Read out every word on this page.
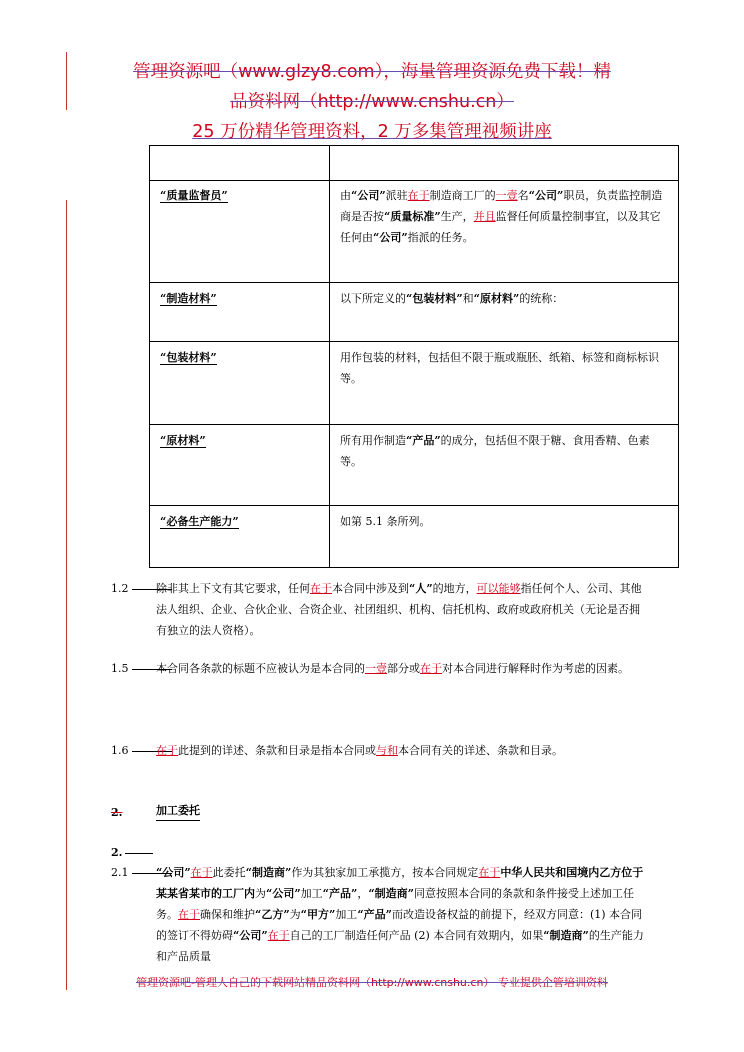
管理资源吧（www.glzy8.com），海量管理资源免费下载！精
品资料网（http://www.cnshu.cn）
25 万份精华管理资料，2 万多集管理视频讲座

“质量监督员”	由“公司”派驻在于制造商工厂的一壹名“公司”职员，负责监控制造商是否按“质量标准”生产，并且监督任何质量控制事宜，以及其它任何由“公司”指派的任务。
“制造材料”	以下所定义的“包装材料”和“原材料”的统称：
“包装材料”	用作包装的材料，包括但不限于瓶或瓶胚、纸箱、标签和商标标识等。
“原材料”	所有用作制造“产品”的成分，包括但不限于糖、食用香精、色素等。
“必备生产能力”	如第 5.1 条所列。
1.2	除非其上下文有其它要求，任何在于本合同中涉及到“人”的地方，可以能够指任何个人、公司、其他法人组织、企业、合伙企业、合资企业、社团组织、机构、信托机构、政府或政府机关（无论是否拥有独立的法人资格）。
1.5	本合同各条款的标题不应被认为是本合同的一壹部分或在于对本合同进行解释时作为考虑的因素。
1.6	在于此提到的详述、条款和目录是指本合同或与和本合同有关的详述、条款和目录。
2.	加工委托
2.
2.1	“公司”在于此委托“制造商”作为其独家加工承揽方，按本合同规定在于中华人民共和国境内乙方位于某某省某市的工厂内为“公司”加工“产品”，“制造商”同意按照本合同的条款和条件接受上述加工任务。在于确保和维护“乙方”为“甲方”加工“产品”而改造设备权益的前提下，经双方同意：(1) 本合同的签订不得妨碍“公司”在于自己的工厂制造任何产品 (2) 本合同有效期内，如果“制造商”的生产能力和产品质量
管理资源吧-管理人自己的下载网站精品资料网（http://www.cnshu.cn） 专业提供企管培训资料
